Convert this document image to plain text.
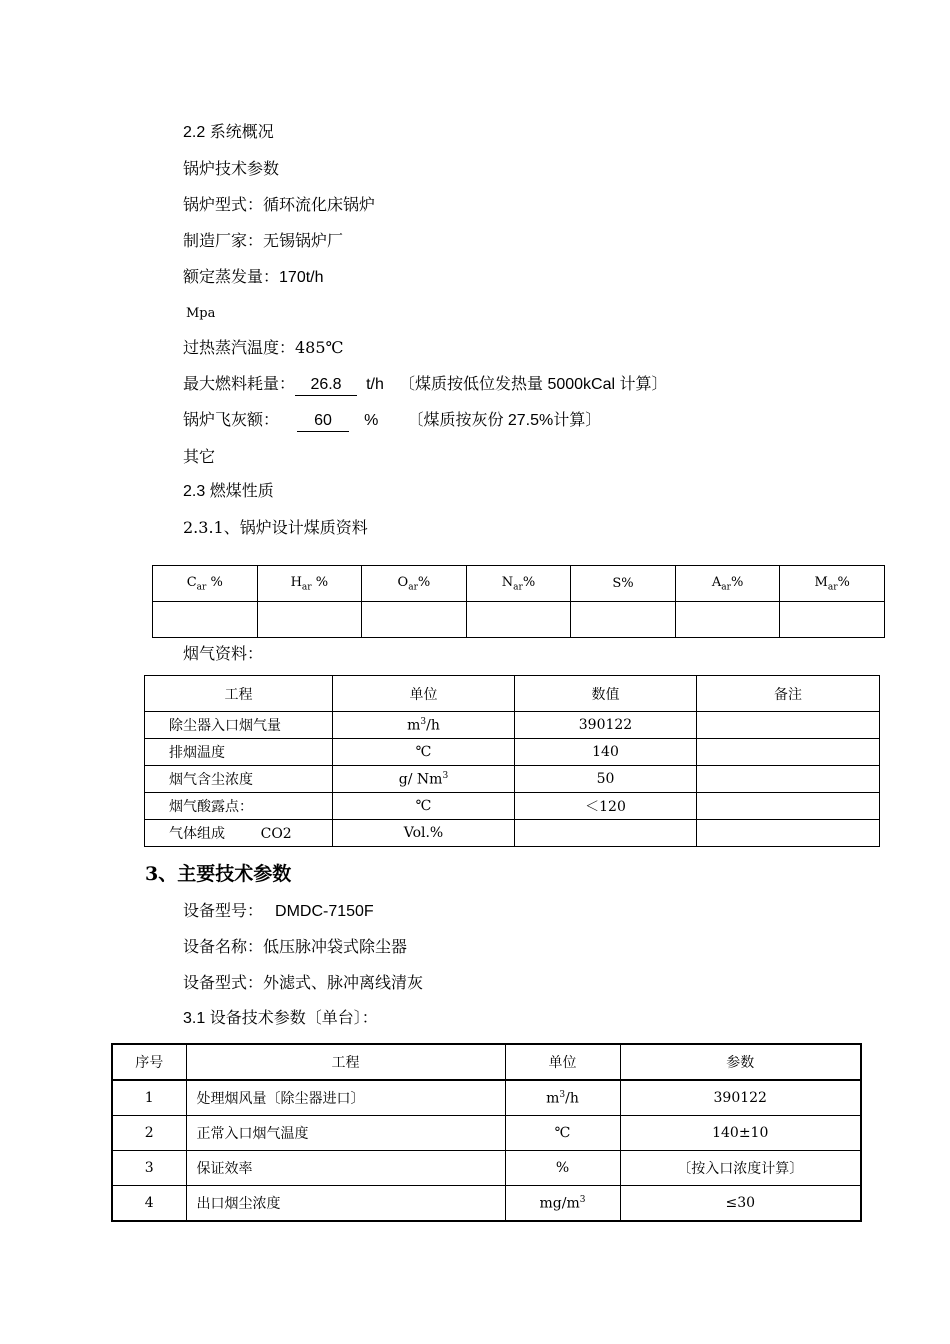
2.2 系统概况
锅炉技术参数
锅炉型式：循环流化床锅炉
制造厂家：无锡锅炉厂
额定蒸发量：170t/h
Mpa
过热蒸汽温度：485℃
最大燃料耗量： 26.8 t/h 〔煤质按低位发热量 5000kCal 计算〕
锅炉飞灰额： 60 % 〔煤质按灰份 27.5%计算〕
其它
2.3 燃煤性质
2.3.1、锅炉设计煤质资料
$C_{ar}$ %	$H_{ar}$ %	$O_{ar}\%$	$N_{ar}\%$	S%	$A_{ar}\%$	$M_{ar}\%$

烟气资料：
工程	单位	数值	备注
除尘器入口烟气量	$m^3/h$	390122	
排烟温度	℃	140	
烟气含尘浓度	g/ Nm$^3$	50	
烟气酸露点：	℃	＜120	
气体组成        CO2	Vol.%		
3、主要技术参数
设备型号： DMDC-7150F
设备名称：低压脉冲袋式除尘器
设备型式：外滤式、脉冲离线清灰
3.1 设备技术参数〔单台〕：
序号	工程	单位	参数
1	处理烟风量〔除尘器进口〕	$m^3/h$	390122
2	正常入口烟气温度	℃	140±10
3	保证效率	%	〔按入口浓度计算〕
4	出口烟尘浓度	$mg/m^3$	≤30
